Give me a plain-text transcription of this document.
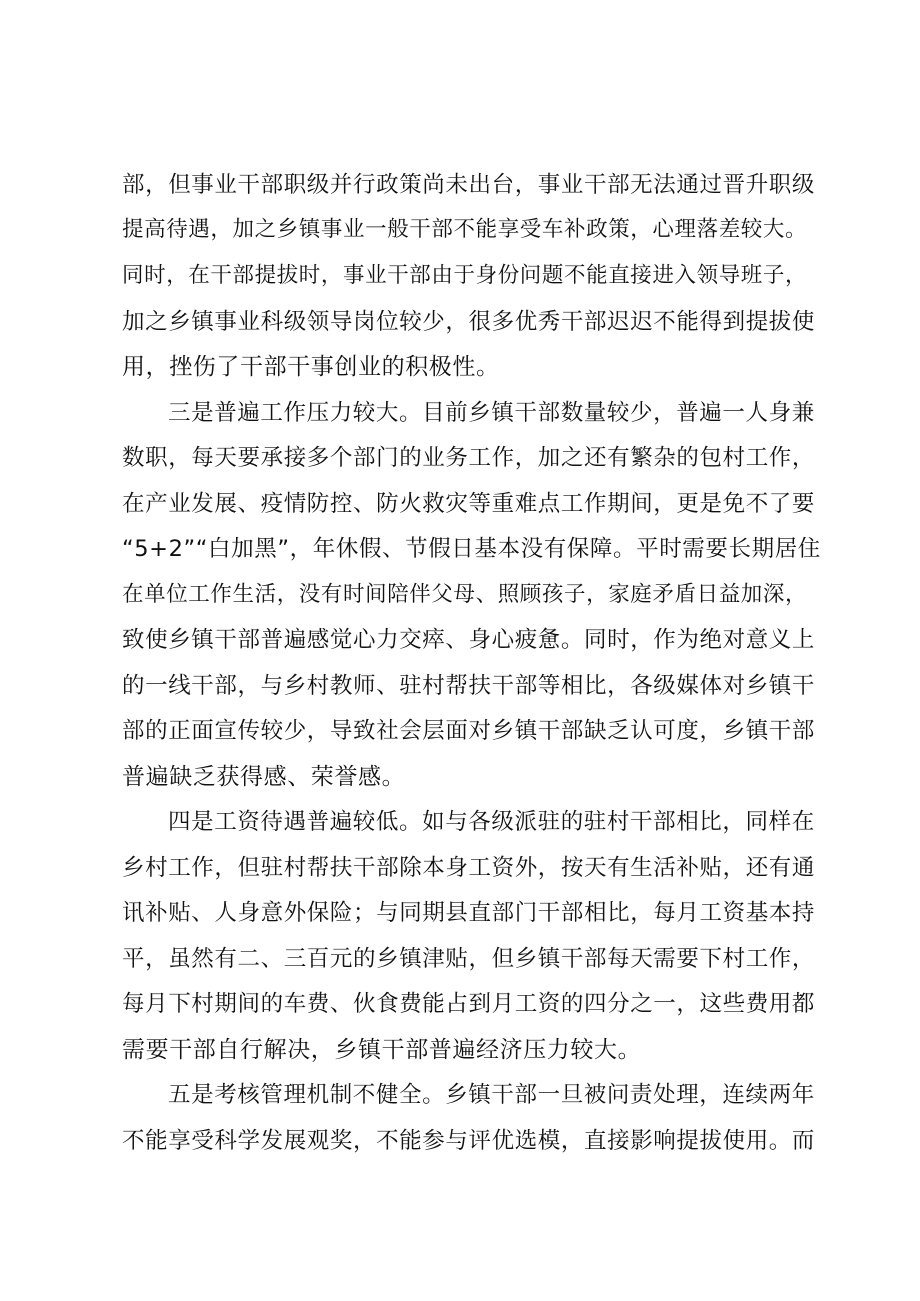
部，但事业干部职级并行政策尚未出台，事业干部无法通过晋升职级
提高待遇，加之乡镇事业一般干部不能享受车补政策，心理落差较大。
同时，在干部提拔时，事业干部由于身份问题不能直接进入领导班子，
加之乡镇事业科级领导岗位较少，很多优秀干部迟迟不能得到提拔使
用，挫伤了干部干事创业的积极性。
三是普遍工作压力较大。目前乡镇干部数量较少，普遍一人身兼
数职，每天要承接多个部门的业务工作，加之还有繁杂的包村工作，
在产业发展、疫情防控、防火救灾等重难点工作期间，更是免不了要
“5+2”“白加黑”，年休假、节假日基本没有保障。平时需要长期居住
在单位工作生活，没有时间陪伴父母、照顾孩子，家庭矛盾日益加深，
致使乡镇干部普遍感觉心力交瘁、身心疲惫。同时，作为绝对意义上
的一线干部，与乡村教师、驻村帮扶干部等相比，各级媒体对乡镇干
部的正面宣传较少，导致社会层面对乡镇干部缺乏认可度，乡镇干部
普遍缺乏获得感、荣誉感。
四是工资待遇普遍较低。如与各级派驻的驻村干部相比，同样在
乡村工作，但驻村帮扶干部除本身工资外，按天有生活补贴，还有通
讯补贴、人身意外保险；与同期县直部门干部相比，每月工资基本持
平，虽然有二、三百元的乡镇津贴，但乡镇干部每天需要下村工作，
每月下村期间的车费、伙食费能占到月工资的四分之一，这些费用都
需要干部自行解决，乡镇干部普遍经济压力较大。
五是考核管理机制不健全。乡镇干部一旦被问责处理，连续两年
不能享受科学发展观奖，不能参与评优选模，直接影响提拔使用。而
